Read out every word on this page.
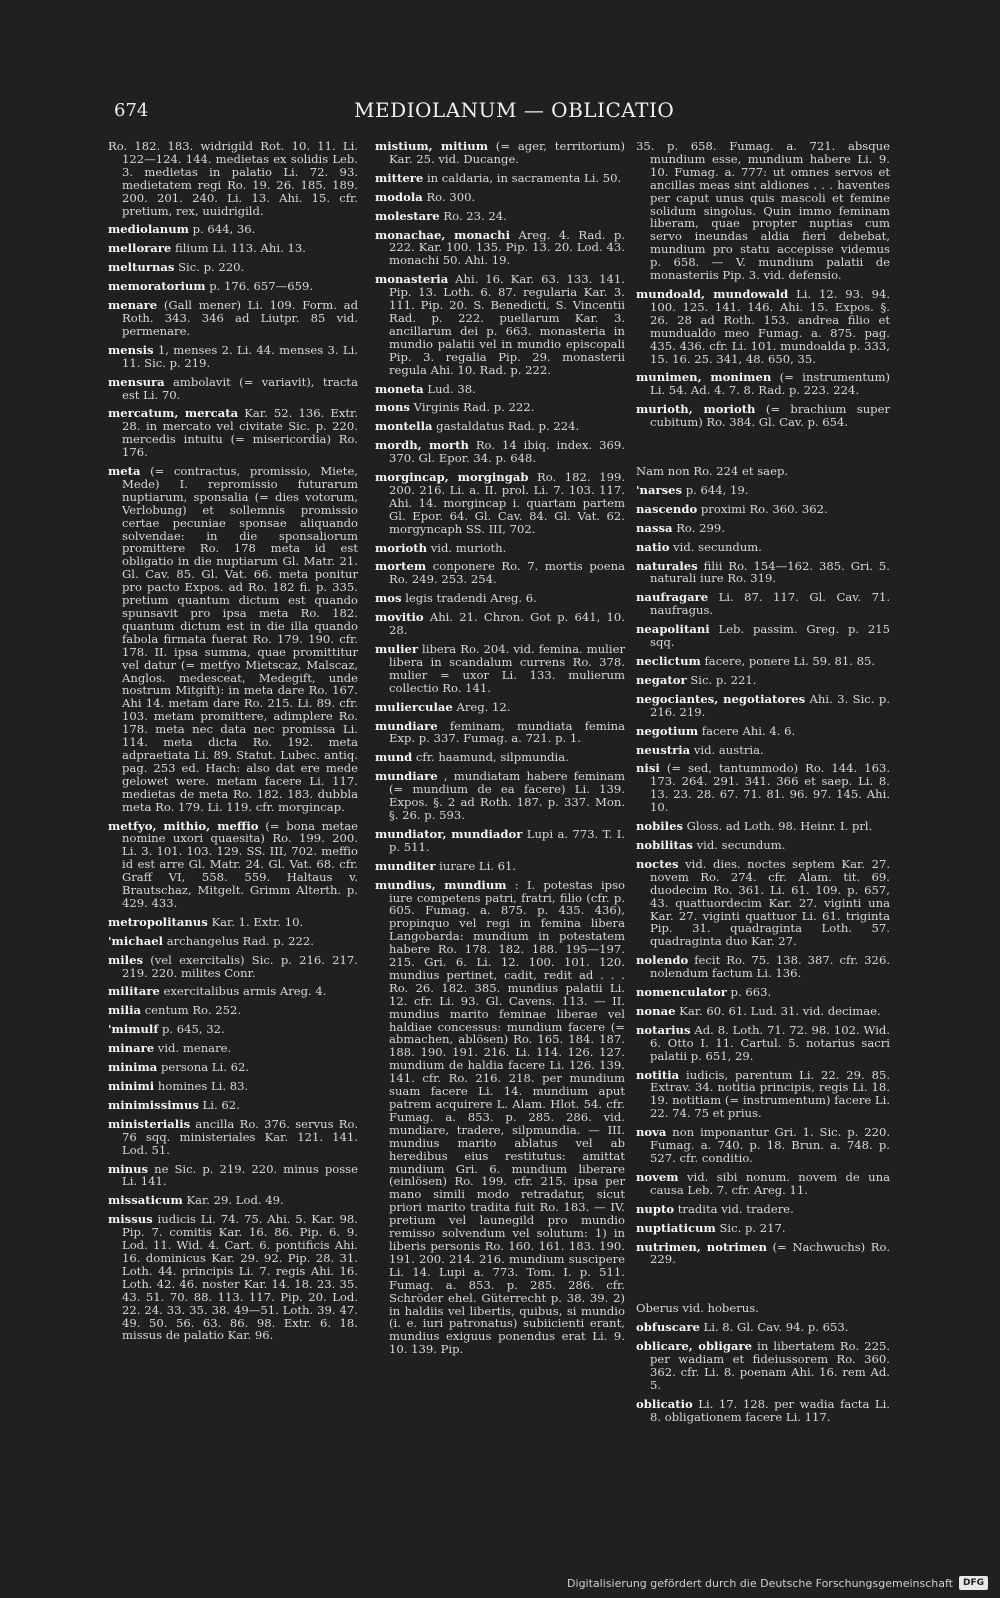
674	MEDIOLANUM — OBLICATIO
Ro. 182. 183. widrigild Rot. 10. 11. Li. 122—124. 144. medietas ex solidis Leb. 3. medietas in palatio Li. 72. 93. medietatem regi Ro. 19. 26. 185. 189. 200. 201. 240. Li. 13. Ahi. 15. cfr. pretium, rex, uuidrigild.
mediolanum p. 644, 36.
mellorare filium Li. 113. Ahi. 13.
melturnas Sic. p. 220.
memoratorium p. 176. 657—659.
menare (Gall mener) Li. 109. Form. ad Roth. 343. 346 ad Liutpr. 85 vid. permenare.
mensis 1, menses 2. Li. 44. menses 3. Li. 11. Sic. p. 219.
mensura ambolavit (= variavit), tracta est Li. 70.
mercatum, mercata Kar. 52. 136. Extr. 28. in mercato vel civitate Sic. p. 220. mercedis intuitu (= misericordia) Ro. 176.
meta (= contractus, promissio, Miete, Mede) I. repromissio futurarum nuptiarum, sponsalia (= dies votorum, Verlobung) et sollemnis promissio certae pecuniae sponsae aliquando solvendae: in die sponsaliorum promittere Ro. 178 meta id est obligatio in die nuptiarum Gl. Matr. 21. Gl. Cav. 85. Gl. Vat. 66. meta ponitur pro pacto Expos. ad Ro. 182 fi. p. 335. pretium quantum dictum est quando spunsavit pro ipsa meta Ro. 182. quantum dictum est in die illa quando fabola firmata fuerat Ro. 179. 190. cfr. 178. II. ipsa summa, quae promittitur vel datur (= metfyo Mietscaz, Malscaz, Anglos. medesceat, Medegift, unde nostrum Mitgift): in meta dare Ro. 167. Ahi 14. metam dare Ro. 215. Li. 89. cfr. 103. metam promittere, adimplere Ro. 178. meta nec data nec promissa Li. 114. meta dicta Ro. 192. meta adpraetiata Li. 89. Statut. Lubec. antiq. pag. 253 ed. Hach: also dat ere mede gelowet were. metam facere Li. 117. medietas de meta Ro. 182. 183. dubbla meta Ro. 179. Li. 119. cfr. morgincap.
metfyo, mithio, meffio (= bona metae nomine uxori quaesita) Ro. 199. 200. Li. 3. 101. 103. 129. SS. III, 702. meffio id est arre Gl. Matr. 24. Gl. Vat. 68. cfr. Graff VI, 558. 559. Haltaus v. Brautschaz, Mitgelt. Grimm Alterth. p. 429. 433.
metropolitanus Kar. 1. Extr. 10.
'michael archangelus Rad. p. 222.
miles (vel exercitalis) Sic. p. 216. 217. 219. 220. milites Conr.
militare exercitalibus armis Areg. 4.
milia centum Ro. 252.
'mimulf p. 645, 32.
minare vid. menare.
minima persona Li. 62.
minimi homines Li. 83.
minimissimus Li. 62.
ministerialis ancilla Ro. 376. servus Ro. 76 sqq. ministeriales Kar. 121. 141. Lod. 51.
minus ne Sic. p. 219. 220. minus posse Li. 141.
missaticum Kar. 29. Lod. 49.
missus iudicis Li. 74. 75. Ahi. 5. Kar. 98. Pip. 7. comitis Kar. 16. 86. Pip. 6. 9. Lod. 11. Wid. 4. Cart. 6. pontificis Ahi. 16. dominicus Kar. 29. 92. Pip. 28. 31. Loth. 44. principis Li. 7. regis Ahi. 16. Loth. 42. 46. noster Kar. 14. 18. 23. 35. 43. 51. 70. 88. 113. 117. Pip. 20. Lod. 22. 24. 33. 35. 38. 49—51. Loth. 39. 47. 49. 50. 56. 63. 86. 98. Extr. 6. 18. missus de palatio Kar. 96.
mistium, mitium (= ager, territorium) Kar. 25. vid. Ducange.
mittere in caldaria, in sacramenta Li. 50.
modola Ro. 300.
molestare Ro. 23. 24.
monachae, monachi Areg. 4. Rad. p. 222. Kar. 100. 135. Pip. 13. 20. Lod. 43. monachi 50. Ahi. 19.
monasteria Ahi. 16. Kar. 63. 133. 141. Pip. 13. Loth. 6. 87. regularia Kar. 3. 111. Pip. 20. S. Benedicti, S. Vincentii Rad. p. 222. puellarum Kar. 3. ancillarum dei p. 663. monasteria in mundio palatii vel in mundio episcopali Pip. 3. regalia Pip. 29. monasterii regula Ahi. 10. Rad. p. 222.
moneta Lud. 38.
mons Virginis Rad. p. 222.
montella gastaldatus Rad. p. 224.
mordh, morth Ro. 14 ibiq. index. 369. 370. Gl. Epor. 34. p. 648.
morgincap, morgingab Ro. 182. 199. 200. 216. Li. a. II. prol. Li. 7. 103. 117. Ahi. 14. morgincap i. quartam partem Gl. Epor. 64. Gl. Cav. 84. Gl. Vat. 62. morgyncaph SS. III, 702.
morioth vid. murioth.
mortem conponere Ro. 7. mortis poena Ro. 249. 253. 254.
mos legis tradendi Areg. 6.
movitio Ahi. 21. Chron. Got p. 641, 10. 28.
mulier libera Ro. 204. vid. femina. mulier libera in scandalum currens Ro. 378. mulier = uxor Li. 133. mulierum collectio Ro. 141.
mulierculae Areg. 12.
mundiare feminam, mundiata femina Exp. p. 337. Fumag. a. 721. p. 1.
mund cfr. haamund, silpmundia.
mundiare , mundiatam habere feminam (= mundium de ea facere) Li. 139. Expos. §. 2 ad Roth. 187. p. 337. Mon. §. 26. p. 593.
mundiator, mundiador Lupi a. 773. T. I. p. 511.
munditer iurare Li. 61.
mundius, mundium : I. potestas ipso iure competens patri, fratri, filio (cfr. p. 605. Fumag. a. 875. p. 435. 436), propinquo vel regi in femina libera Langobarda: mundium in potestatem habere Ro. 178. 182. 188. 195—197. 215. Gri. 6. Li. 12. 100. 101. 120. mundius pertinet, cadit, redit ad . . . Ro. 26. 182. 385. mundius palatii Li. 12. cfr. Li. 93. Gl. Cavens. 113. — II. mundius marito feminae liberae vel haldiae concessus: mundium facere (= abmachen, ablösen) Ro. 165. 184. 187. 188. 190. 191. 216. Li. 114. 126. 127. mundium de haldia facere Li. 126. 139. 141. cfr. Ro. 216. 218. per mundium suam facere Li. 14. mundium aput patrem acquirere L. Alam. Hlot. 54. cfr. Fumag. a. 853. p. 285. 286. vid. mundiare, tradere, silpmundia. — III. mundius marito ablatus vel ab heredibus eius restitutus: amittat mundium Gri. 6. mundium liberare (einlösen) Ro. 199. cfr. 215. ipsa per mano simili modo retradatur, sicut priori marito tradita fuit Ro. 183. — IV. pretium vel launegild pro mundio remisso solvendum vel solutum: 1) in liberis personis Ro. 160. 161. 183. 190. 191. 200. 214. 216. mundium suscipere Li. 14. Lupi a. 773. Tom. I. p. 511. Fumag. a. 853. p. 285. 286. cfr. Schröder ehel. Güterrecht p. 38. 39. 2) in haldiis vel libertis, quibus, si mundio (i. e. iuri patronatus) subiicienti erant, mundius exiguus ponendus erat Li. 9. 10. 139. Pip.
35. p. 658. Fumag. a. 721. absque mundium esse, mundium habere Li. 9. 10. Fumag. a. 777: ut omnes servos et ancillas meas sint aldiones . . . haventes per caput unus quis mascoli et femine solidum singolus. Quin immo feminam liberam, quae propter nuptias cum servo ineundas aldia fieri debebat, mundium pro statu accepisse videmus p. 658. — V. mundium palatii de monasteriis Pip. 3. vid. defensio.
mundoald, mundowald Li. 12. 93. 94. 100. 125. 141. 146. Ahi. 15. Expos. §. 26. 28 ad Roth. 153. andrea filio et mundualdo meo Fumag. a. 875. pag. 435. 436. cfr. Li. 101. mundoalda p. 333, 15. 16. 25. 341, 48. 650, 35.
munimen, monimen (= instrumentum) Li. 54. Ad. 4. 7. 8. Rad. p. 223. 224.
murioth, morioth (= brachium super cubitum) Ro. 384. Gl. Cav. p. 654.
Nam non Ro. 224 et saep.
'narses p. 644, 19.
nascendo proximi Ro. 360. 362.
nassa Ro. 299.
natio vid. secundum.
naturales filii Ro. 154—162. 385. Gri. 5. naturali iure Ro. 319.
naufragare Li. 87. 117. Gl. Cav. 71. naufragus.
neapolitani Leb. passim. Greg. p. 215 sqq.
neclictum facere, ponere Li. 59. 81. 85.
negator Sic. p. 221.
negociantes, negotiatores Ahi. 3. Sic. p. 216. 219.
negotium facere Ahi. 4. 6.
neustria vid. austria.
nisi (= sed, tantummodo) Ro. 144. 163. 173. 264. 291. 341. 366 et saep. Li. 8. 13. 23. 28. 67. 71. 81. 96. 97. 145. Ahi. 10.
nobiles Gloss. ad Loth. 98. Heinr. I. prl.
nobilitas vid. secundum.
noctes vid. dies. noctes septem Kar. 27. novem Ro. 274. cfr. Alam. tit. 69. duodecim Ro. 361. Li. 61. 109. p. 657, 43. quattuordecim Kar. 27. viginti una Kar. 27. viginti quattuor Li. 61. triginta Pip. 31. quadraginta Loth. 57. quadraginta duo Kar. 27.
nolendo fecit Ro. 75. 138. 387. cfr. 326. nolendum factum Li. 136.
nomenculator p. 663.
nonae Kar. 60. 61. Lud. 31. vid. decimae.
notarius Ad. 8. Loth. 71. 72. 98. 102. Wid. 6. Otto I. 11. Cartul. 5. notarius sacri palatii p. 651, 29.
notitia iudicis, parentum Li. 22. 29. 85. Extrav. 34. notitia principis, regis Li. 18. 19. notitiam (= instrumentum) facere Li. 22. 74. 75 et prius.
nova non imponantur Gri. 1. Sic. p. 220. Fumag. a. 740. p. 18. Brun. a. 748. p. 527. cfr. conditio.
novem vid. sibi nonum. novem de una causa Leb. 7. cfr. Areg. 11.
nupto tradita vid. tradere.
nuptiaticum Sic. p. 217.
nutrimen, notrimen (= Nachwuchs) Ro. 229.
Oberus vid. hoberus.
obfuscare Li. 8. Gl. Cav. 94. p. 653.
oblicare, obligare in libertatem Ro. 225. per wadiam et fideiussorem Ro. 360. 362. cfr. Li. 8. poenam Ahi. 16. rem Ad. 5.
oblicatio Li. 17. 128. per wadia facta Li. 8. obligationem facere Li. 117.
Digitalisierung gefördert durch die Deutsche Forschungsgemeinschaft	DFG
